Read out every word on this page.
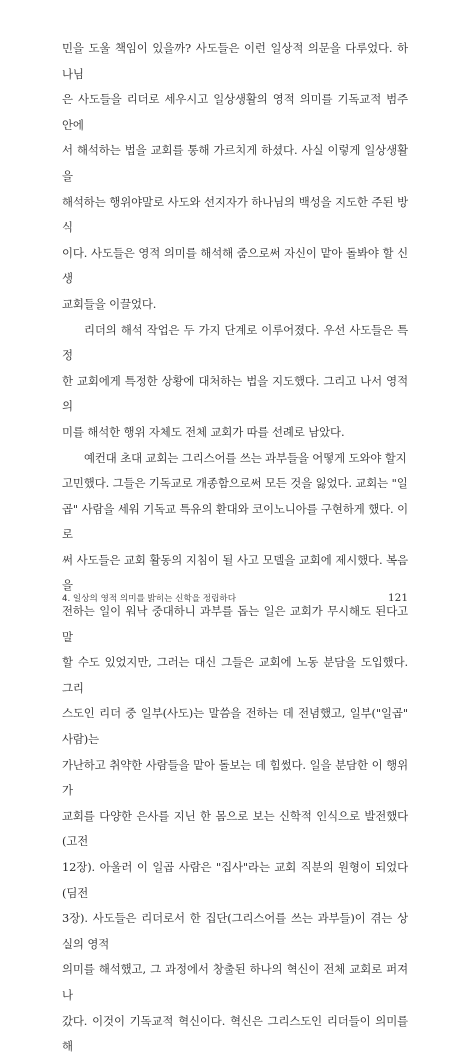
민을 도울 책임이 있을까? 사도들은 이런 일상적 의문을 다루었다. 하나님

은 사도들을 리더로 세우시고 일상생활의 영적 의미를 기독교적 범주 안에

서 해석하는 법을 교회를 통해 가르치게 하셨다. 사실 이렇게 일상생활을

해석하는 행위야말로 사도와 선지자가 하나님의 백성을 지도한 주된 방식

이다. 사도들은 영적 의미를 해석해 줌으로써 자신이 맡아 돌봐야 할 신생

교회들을 이끌었다.

리더의 해석 작업은 두 가지 단계로 이루어졌다. 우선 사도들은 특정

한 교회에게 특정한 상황에 대처하는 법을 지도했다. 그리고 나서 영적 의

미를 해석한 행위 자체도 전체 교회가 따를 선례로 남았다.

예컨대 초대 교회는 그리스어를 쓰는 과부들을 어떻게 도와야 할지

고민했다. 그들은 기독교로 개종함으로써 모든 것을 잃었다. 교회는 "일

곱" 사람을 세워 기독교 특유의 환대와 코이노니아를 구현하게 했다. 이로

써 사도들은 교회 활동의 지침이 될 사고 모델을 교회에 제시했다. 복음을

전하는 일이 워낙 중대하니 과부를 돕는 일은 교회가 무시해도 된다고 말

할 수도 있었지만, 그러는 대신 그들은 교회에 노동 분담을 도입했다. 그리

스도인 리더 중 일부(사도)는 말씀을 전하는 데 전념했고, 일부("일곱" 사람)는

가난하고 취약한 사람들을 맡아 돌보는 데 힘썼다. 일을 분담한 이 행위가

교회를 다양한 은사를 지닌 한 몸으로 보는 신학적 인식으로 발전했다(고전

12장). 아울러 이 일곱 사람은 "집사"라는 교회 직분의 원형이 되었다(딤전

3장). 사도들은 리더로서 한 집단(그리스어를 쓰는 과부들)이 겪는 상실의 영적

의미를 해석했고, 그 과정에서 창출된 하나의 혁신이 전체 교회로 퍼져 나

갔다. 이것이 기독교적 혁신이다. 혁신은 그리스도인 리더들이 의미를 해

4. 일상의 영적 의미를 밝히는 신학을 정립하다	121
